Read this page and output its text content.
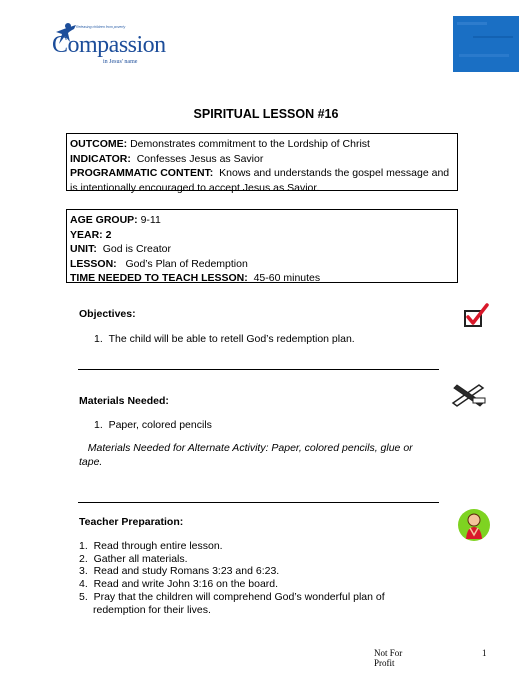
Releasing children from poverty
Compassion
in Jesus' name
SPIRITUAL LESSON #16
OUTCOME: Demonstrates commitment to the Lordship of Christ
INDICATOR: Confesses Jesus as Savior
PROGRAMMATIC CONTENT: Knows and understands the gospel message and
is intentionally encouraged to accept Jesus as Savior.
AGE GROUP: 9-11
YEAR: 2
UNIT: God is Creator
LESSON: God’s Plan of Redemption
TIME NEEDED TO TEACH LESSON: 45-60 minutes
Objectives:
1.  The child will be able to retell God’s redemption plan.
Materials Needed:
1.  Paper, colored pencils
Materials Needed for Alternate Activity: Paper, colored pencils, glue or
tape.
Teacher Preparation:
1.  Read through entire lesson.
2.  Gather all materials.
3.  Read and study Romans 3:23 and 6:23.
4.  Read and write John 3:16 on the board.
5.  Pray that the children will comprehend God’s wonderful plan of
redemption for their lives.
Not For Profit
1
